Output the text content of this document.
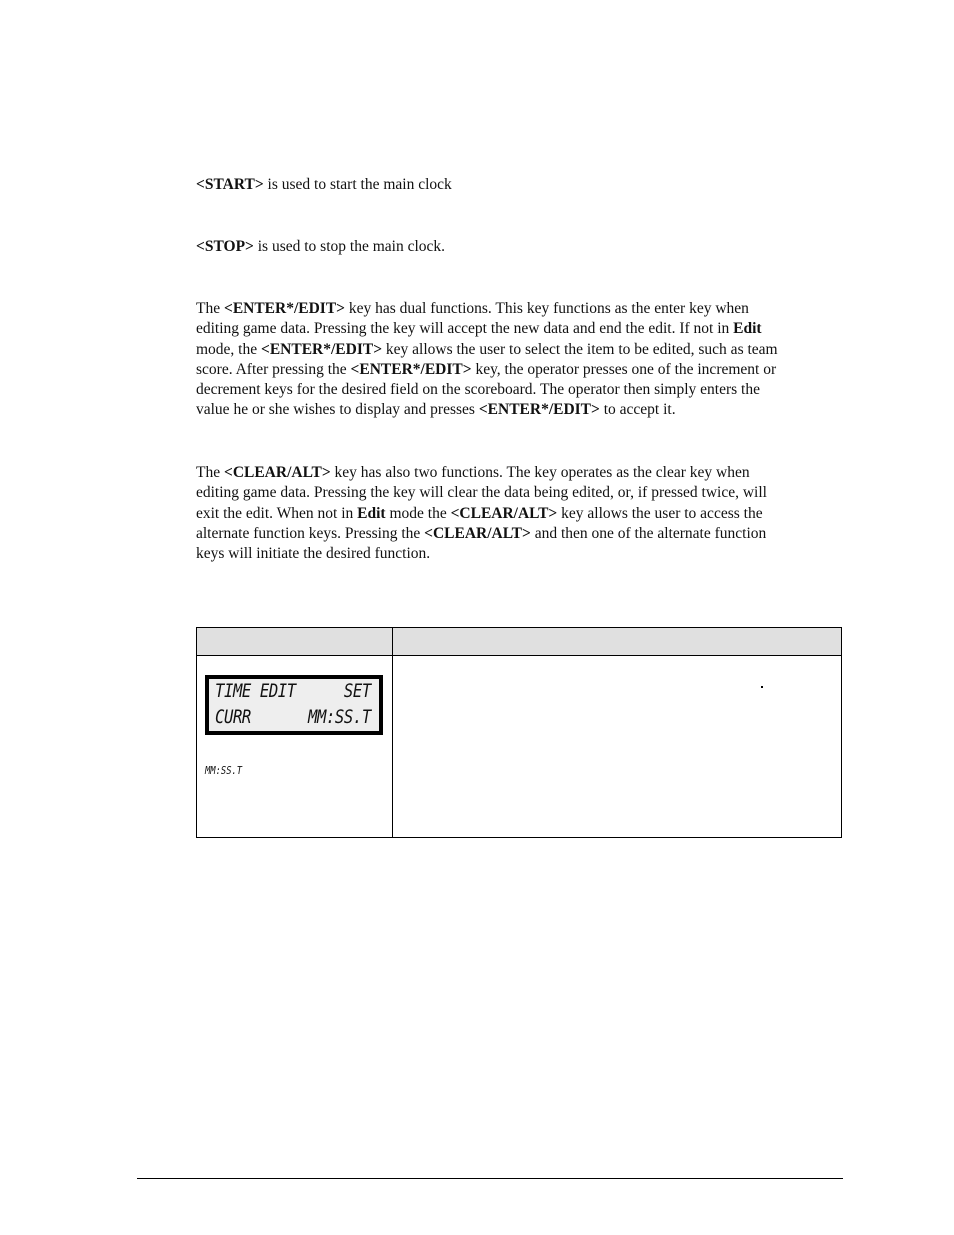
<START> is used to start the main clock
<STOP> is used to stop the main clock.
The <ENTER*/EDIT> key has dual functions. This key functions as the enter key when
editing game data. Pressing the key will accept the new data and end the edit. If not in Edit
mode, the <ENTER*/EDIT> key allows the user to select the item to be edited, such as team
score. After pressing the <ENTER*/EDIT> key, the operator presses one of the increment or
decrement keys for the desired field on the scoreboard. The operator then simply enters the
value he or she wishes to display and presses <ENTER*/EDIT> to accept it.
The <CLEAR/ALT> key has also two functions. The key operates as the clear key when
editing game data. Pressing the key will clear the data being edited, or, if pressed twice, will
exit the edit. When not in Edit mode the <CLEAR/ALT> key allows the user to access the
alternate function keys. Pressing the <CLEAR/ALT> and then one of the alternate function
keys will initiate the desired function.
TIME EDIT	SET
CURR	MM:SS.T
MM:SS.T
